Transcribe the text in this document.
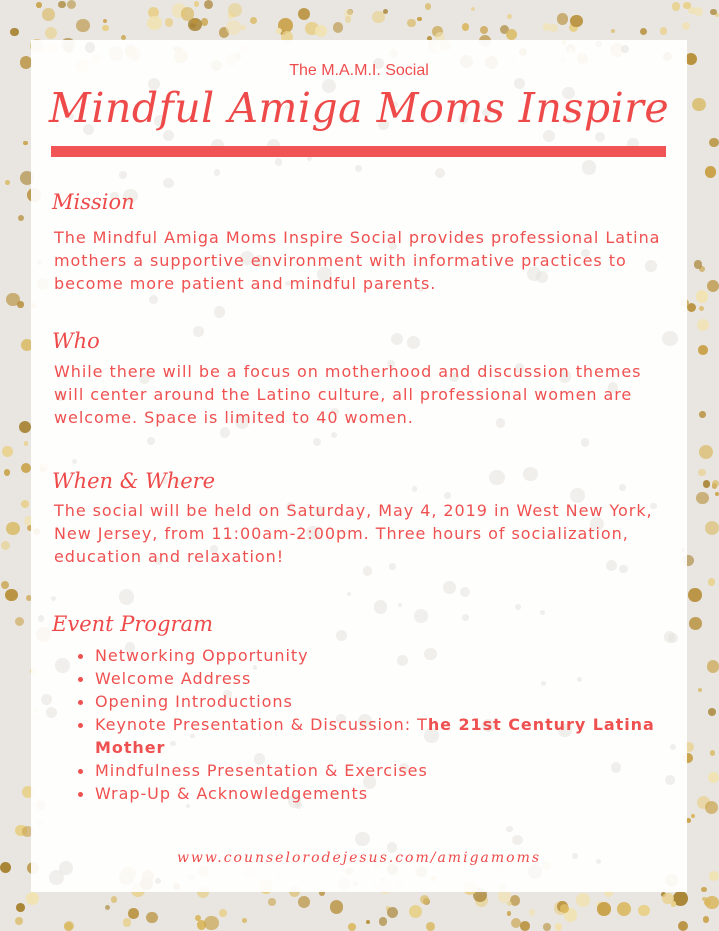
The M.A.M.I. Social
Mindful Amiga Moms Inspire
Mission

The Mindful Amiga Moms Inspire Social provides professional Latina mothers a supportive environment with informative practices to become more patient and mindful parents.

Who

While there will be a focus on motherhood and discussion themes will center around the Latino culture, all professional women are welcome. Space is limited to 40 women.

When & Where

The social will be held on Saturday, May 4, 2019 in West New York, New Jersey, from 11:00am-2:00pm. Three hours of socialization, education and relaxation!

Event Program
Networking Opportunity
Welcome Address
Opening Introductions
Keynote Presentation & Discussion: The 21st Century Latina Mother
Mindfulness Presentation & Exercises
Wrap-Up & Acknowledgements
www.counselorodejesus.com/amigamoms
